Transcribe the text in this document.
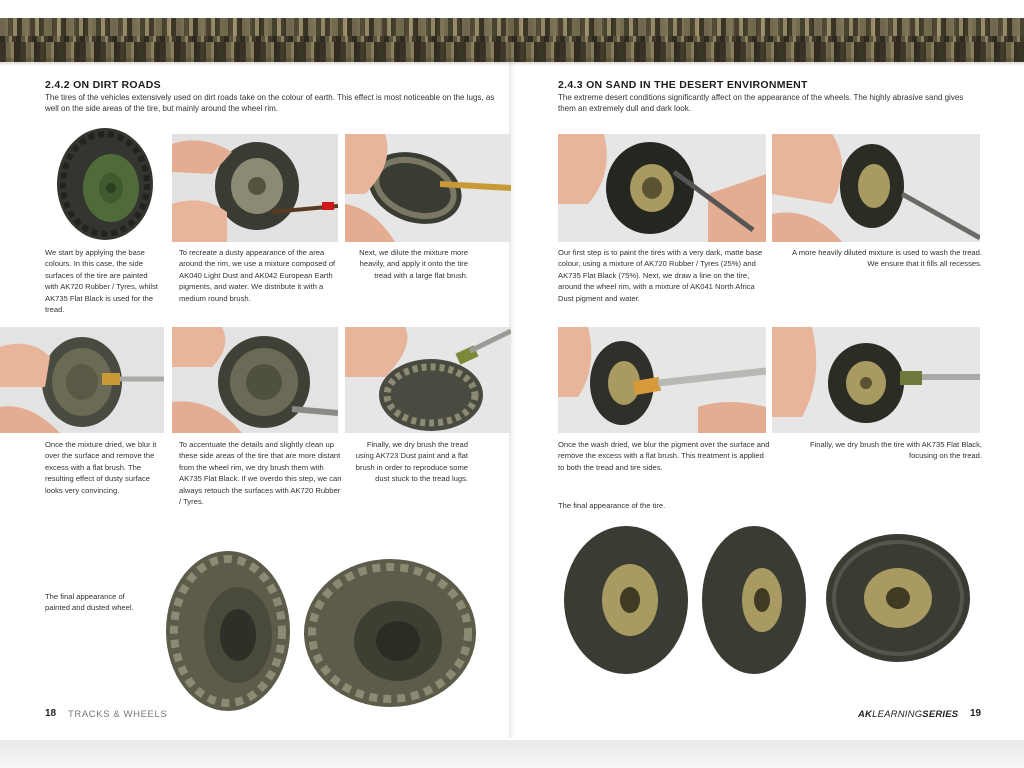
2.4.2 ON DIRT ROADS

The tires of the vehicles extensively used on dirt roads take on the colour of earth. This effect is most noticeable on the lugs, as well on the side areas of the tire, but mainly around the wheel rim.

We start by applying the base colours. In this case, the side surfaces of the tire are painted with AK720 Rubber / Tyres, whilst AK735 Flat Black is used for the tread.

To recreate a dusty appearance of the area around the rim, we use a mixture composed of AK040 Light Dust and AK042 European Earth pigments, and water. We distribute it with a medium round brush.

Next, we dilute the mixture more heavily, and apply it onto the tire tread with a large flat brush.

Once the mixture dried, we blur it over the surface and remove the excess with a flat brush. The resulting effect of dusty surface looks very convincing.

To accentuate the details and slightly clean up these side areas of the tire that are more distant from the wheel rim, we dry brush them with AK735 Flat Black. If we overdo this step, we can always retouch the surfaces with AK720 Rubber / Tyres.

Finally, we dry brush the tread using AK723 Dust paint and a flat brush in order to reproduce some dust stuck to the tread lugs.

The final appearance of painted and dusted wheel.

18 TRACKS & WHEELS
2.4.3 ON SAND IN THE DESERT ENVIRONMENT

The extreme desert conditions significantly affect on the appearance of the wheels. The highly abrasive sand gives them an extremely dull and dark look.

Our first step is to paint the tires with a very dark, matte base colour, using a mixture of AK720 Rubber / Tyres (25%) and AK735 Flat Black (75%). Next, we draw a line on the tire, around the wheel rim, with a mixture of AK041 North Africa Dust pigment and water.

A more heavily diluted mixture is used to wash the tread. We ensure that it fills all recesses.

Once the wash dried, we blur the pigment over the surface and remove the excess with a flat brush. This treatment is applied to both the tread and tire sides.

Finally, we dry brush the tire with AK735 Flat Black, focusing on the tread.

The final appearance of the tire.

AKLEARNINGSERIES 19
